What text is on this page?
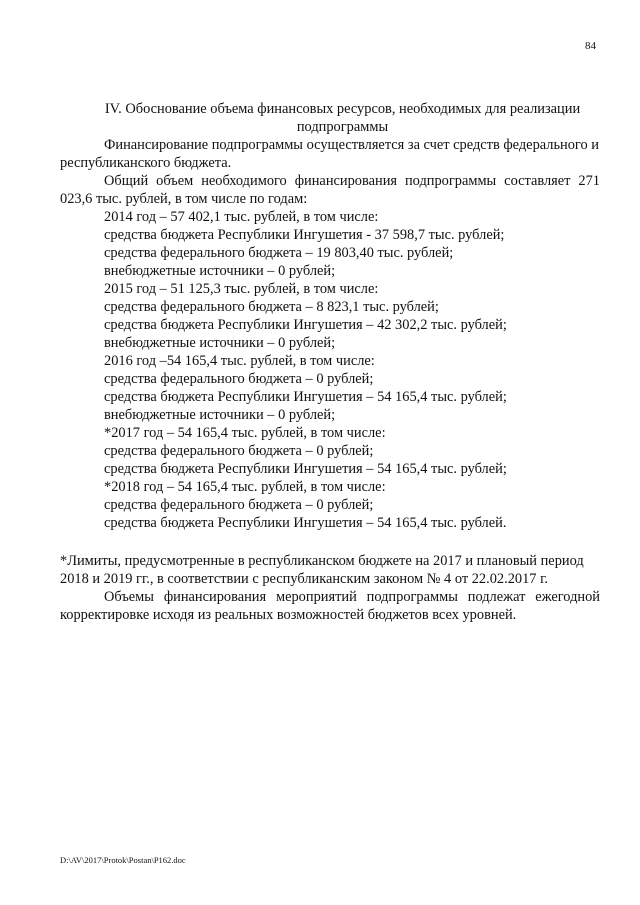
84
IV. Обоснование объема финансовых ресурсов, необходимых для реализации
подпрограммы

Финансирование подпрограммы осуществляется за счет средств федерального и республиканского бюджета.

Общий объем необходимого финансирования подпрограммы составляет 271 023,6 тыс. рублей, в том числе по годам:

2014 год – 57 402,1 тыс. рублей, в том числе:
средства бюджета Республики Ингушетия - 37 598,7 тыс. рублей;
средства федерального бюджета – 19 803,40 тыс. рублей;
внебюджетные источники – 0 рублей;
2015 год – 51 125,3 тыс. рублей, в том числе:
средства федерального бюджета – 8 823,1 тыс. рублей;
средства бюджета Республики Ингушетия – 42 302,2 тыс. рублей;
внебюджетные источники – 0 рублей;
2016 год –54 165,4 тыс. рублей, в том числе:
средства федерального бюджета – 0 рублей;
средства бюджета Республики Ингушетия – 54 165,4 тыс. рублей;
внебюджетные источники – 0 рублей;
*2017 год – 54 165,4 тыс. рублей, в том числе:
средства федерального бюджета – 0 рублей;
средства бюджета Республики Ингушетия – 54 165,4 тыс. рублей;
*2018 год – 54 165,4 тыс. рублей, в том числе:
средства федерального бюджета – 0 рублей;
средства бюджета Республики Ингушетия – 54 165,4 тыс. рублей.

*Лимиты, предусмотренные в республиканском бюджете на 2017 и плановый период 2018 и 2019 гг., в соответствии с республиканским законом № 4 от 22.02.2017 г.

Объемы финансирования мероприятий подпрограммы подлежат ежегодной корректировке исходя из реальных возможностей бюджетов всех уровней.

D:\AV\2017\Protok\Postan\P162.doc
